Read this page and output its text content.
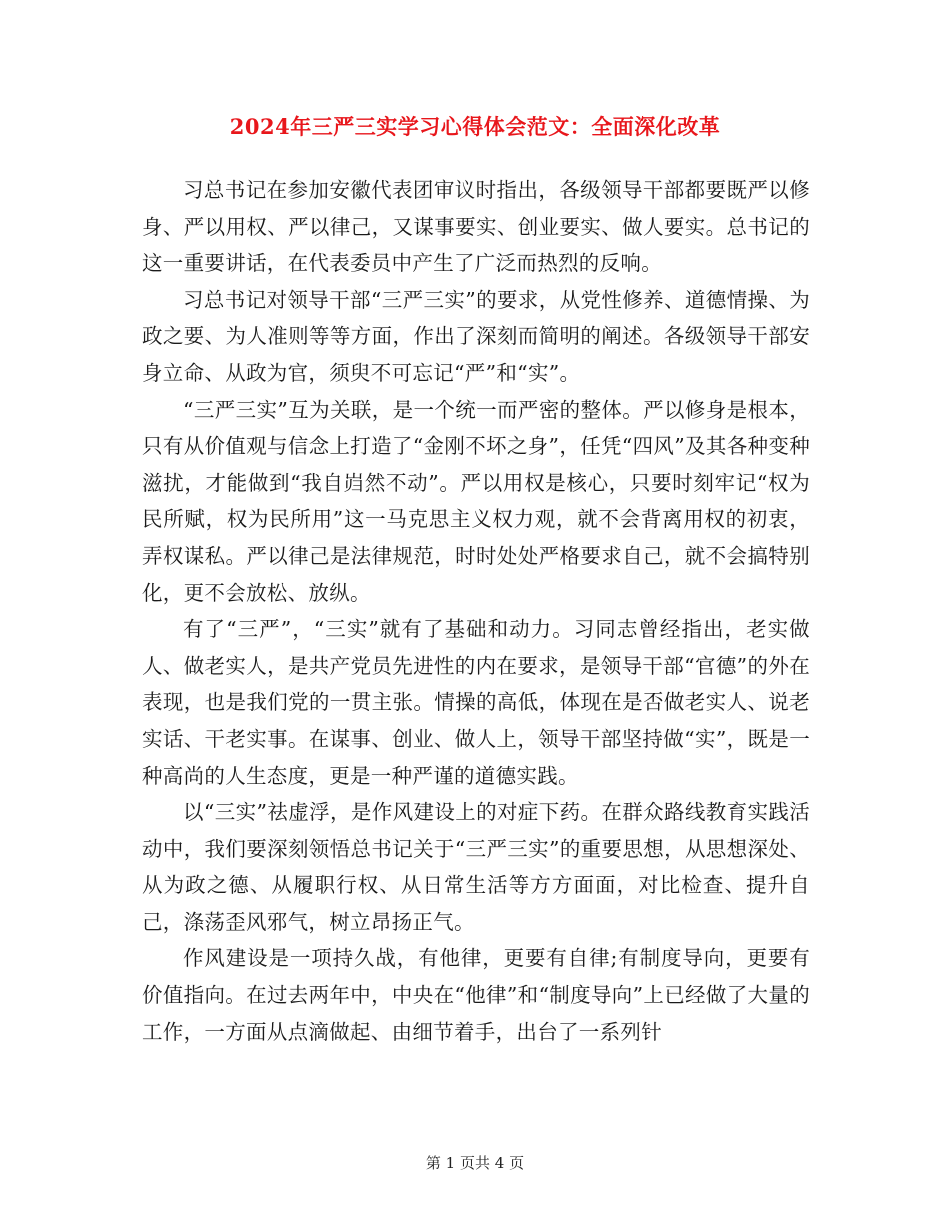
2024年三严三实学习心得体会范文：全面深化改革

习总书记在参加安徽代表团审议时指出，各级领导干部都要既严以修身、严以用权、严以律己，又谋事要实、创业要实、做人要实。总书记的这一重要讲话，在代表委员中产生了广泛而热烈的反响。

习总书记对领导干部“三严三实”的要求，从党性修养、道德情操、为政之要、为人准则等等方面，作出了深刻而简明的阐述。各级领导干部安身立命、从政为官，须臾不可忘记“严”和“实”。

“三严三实”互为关联，是一个统一而严密的整体。严以修身是根本，只有从价值观与信念上打造了“金刚不坏之身”，任凭“四风”及其各种变种滋扰，才能做到“我自岿然不动”。严以用权是核心，只要时刻牢记“权为民所赋，权为民所用”这一马克思主义权力观，就不会背离用权的初衷，弄权谋私。严以律己是法律规范，时时处处严格要求自己，就不会搞特别化，更不会放松、放纵。

有了“三严”，“三实”就有了基础和动力。习同志曾经指出，老实做人、做老实人，是共产党员先进性的内在要求，是领导干部“官德”的外在表现，也是我们党的一贯主张。情操的高低，体现在是否做老实人、说老实话、干老实事。在谋事、创业、做人上，领导干部坚持做“实”，既是一种高尚的人生态度，更是一种严谨的道德实践。

以“三实”祛虚浮，是作风建设上的对症下药。在群众路线教育实践活动中，我们要深刻领悟总书记关于“三严三实”的重要思想，从思想深处、从为政之德、从履职行权、从日常生活等方方面面，对比检查、提升自己，涤荡歪风邪气，树立昂扬正气。

作风建设是一项持久战，有他律，更要有自律;有制度导向，更要有价值指向。在过去两年中，中央在“他律”和“制度导向”上已经做了大量的工作，一方面从点滴做起、由细节着手，出台了一系列针

第 1 页共 4 页
